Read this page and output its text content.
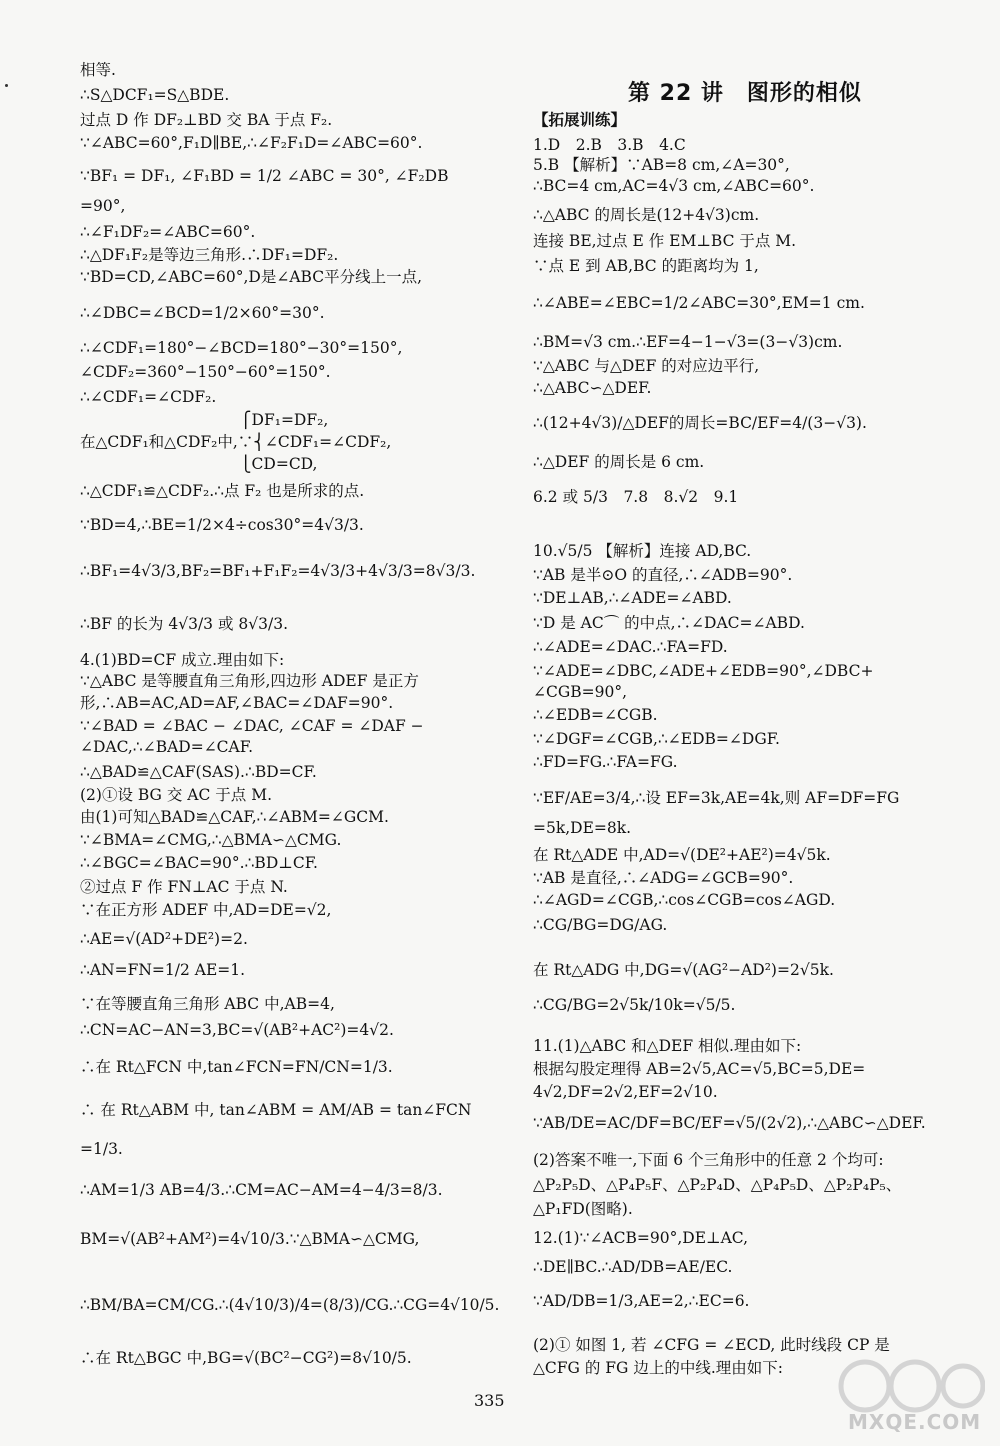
第 22 讲　图形的相似
相等.
∴S△DCF₁=S△BDE.
过点 D 作 DF₂⊥BD 交 BA 于点 F₂.
∵∠ABC=60°,F₁D∥BE,∴∠F₂F₁D=∠ABC=60°.
∵BF₁ = DF₁, ∠F₁BD = 1/2 ∠ABC = 30°, ∠F₂DB
=90°,
∴∠F₁DF₂=∠ABC=60°.
∴△DF₁F₂是等边三角形.∴DF₁=DF₂.
∵BD=CD,∠ABC=60°,D是∠ABC平分线上一点,
∴∠DBC=∠BCD=1/2×60°=30°.
∴∠CDF₁=180°−∠BCD=180°−30°=150°,
∠CDF₂=360°−150°−60°=150°.
∴∠CDF₁=∠CDF₂.
　　　　　　　　　　 ⎧DF₁=DF₂,
在△CDF₁和△CDF₂中,∵⎨∠CDF₁=∠CDF₂,
　　　　　　　　　　 ⎩CD=CD,
∴△CDF₁≌△CDF₂.∴点 F₂ 也是所求的点.
∵BD=4,∴BE=1/2×4÷cos30°=4√3/3.
∴BF₁=4√3/3,BF₂=BF₁+F₁F₂=4√3/3+4√3/3=8√3/3.
∴BF 的长为 4√3/3 或 8√3/3.
4.(1)BD=CF 成立.理由如下:
∵△ABC 是等腰直角三角形,四边形 ADEF 是正方
形,∴AB=AC,AD=AF,∠BAC=∠DAF=90°.
∵∠BAD = ∠BAC − ∠DAC, ∠CAF = ∠DAF −
∠DAC,∴∠BAD=∠CAF.
∴△BAD≌△CAF(SAS).∴BD=CF.
(2)①设 BG 交 AC 于点 M.
由(1)可知△BAD≌△CAF,∴∠ABM=∠GCM.
∵∠BMA=∠CMG,∴△BMA∽△CMG.
∴∠BGC=∠BAC=90°.∴BD⊥CF.
②过点 F 作 FN⊥AC 于点 N.
∵在正方形 ADEF 中,AD=DE=√2,
∴AE=√(AD²+DE²)=2.
∴AN=FN=1/2 AE=1.
∵在等腰直角三角形 ABC 中,AB=4,
∴CN=AC−AN=3,BC=√(AB²+AC²)=4√2.
∴在 Rt△FCN 中,tan∠FCN=FN/CN=1/3.
∴ 在 Rt△ABM 中, tan∠ABM = AM/AB = tan∠FCN
=1/3.
∴AM=1/3 AB=4/3.∴CM=AC−AM=4−4/3=8/3.
BM=√(AB²+AM²)=4√10/3.∵△BMA∽△CMG,
∴BM/BA=CM/CG.∴(4√10/3)/4=(8/3)/CG.∴CG=4√10/5.
∴在 Rt△BGC 中,BG=√(BC²−CG²)=8√10/5.
【拓展训练】
1.D　2.B　3.B　4.C
5.B 【解析】∵AB=8 cm,∠A=30°,
∴BC=4 cm,AC=4√3 cm,∠ABC=60°.
∴△ABC 的周长是(12+4√3)cm.
连接 BE,过点 E 作 EM⊥BC 于点 M.
∵点 E 到 AB,BC 的距离均为 1,
∴∠ABE=∠EBC=1/2∠ABC=30°,EM=1 cm.
∴BM=√3 cm.∴EF=4−1−√3=(3−√3)cm.
∵△ABC 与△DEF 的对应边平行,
∴△ABC∽△DEF.
∴(12+4√3)/△DEF的周长=BC/EF=4/(3−√3).
∴△DEF 的周长是 6 cm.
6.2 或 5/3　7.8　8.√2　9.1
10.√5/5 【解析】连接 AD,BC.
∵AB 是半⊙O 的直径,∴∠ADB=90°.
∵DE⊥AB,∴∠ADE=∠ABD.
∵D 是 AC⌒ 的中点,∴∠DAC=∠ABD.
∴∠ADE=∠DAC.∴FA=FD.
∵∠ADE=∠DBC,∠ADE+∠EDB=90°,∠DBC+
∠CGB=90°,
∴∠EDB=∠CGB.
∵∠DGF=∠CGB,∴∠EDB=∠DGF.
∴FD=FG.∴FA=FG.
∵EF/AE=3/4,∴设 EF=3k,AE=4k,则 AF=DF=FG
=5k,DE=8k.
在 Rt△ADE 中,AD=√(DE²+AE²)=4√5k.
∵AB 是直径,∴∠ADG=∠GCB=90°.
∴∠AGD=∠CGB,∴cos∠CGB=cos∠AGD.
∴CG/BG=DG/AG.
在 Rt△ADG 中,DG=√(AG²−AD²)=2√5k.
∴CG/BG=2√5k/10k=√5/5.
11.(1)△ABC 和△DEF 相似.理由如下:
根据勾股定理得 AB=2√5,AC=√5,BC=5,DE=
4√2,DF=2√2,EF=2√10.
∵AB/DE=AC/DF=BC/EF=√5/(2√2),∴△ABC∽△DEF.
(2)答案不唯一,下面 6 个三角形中的任意 2 个均可:
△P₂P₅D、△P₄P₅F、△P₂P₄D、△P₄P₅D、△P₂P₄P₅、
△P₁FD(图略).
12.(1)∵∠ACB=90°,DE⊥AC,
∴DE∥BC.∴AD/DB=AE/EC.
∵AD/DB=1/3,AE=2,∴EC=6.
(2)① 如图 1, 若 ∠CFG = ∠ECD, 此时线段 CP 是
△CFG 的 FG 边上的中线.理由如下:
335
MXQE.COM
